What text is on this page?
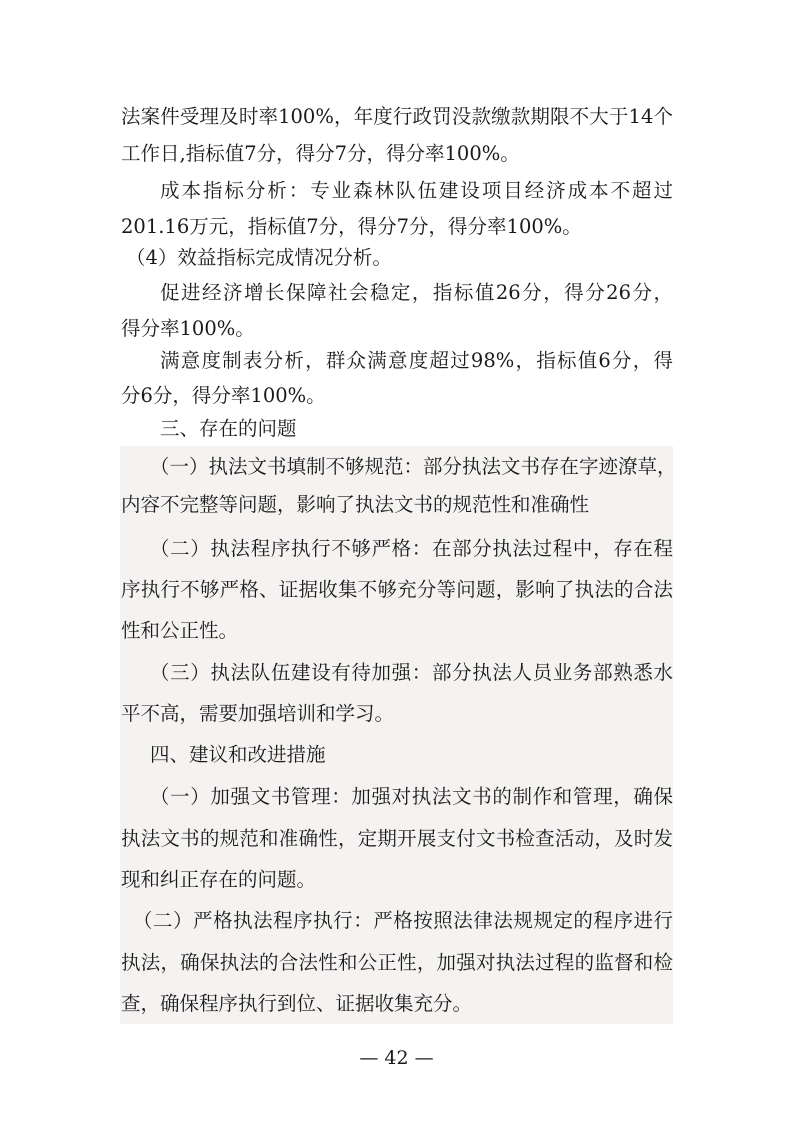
法案件受理及时率100%，年度行政罚没款缴款期限不大于14个
工作日,指标值7分，得分7分，得分率100%。
成本指标分析：专业森林队伍建设项目经济成本不超过
201.16万元，指标值7分，得分7分，得分率100%。
（4）效益指标完成情况分析。
促进经济增长保障社会稳定，指标值26分，得分26分，
得分率100%。
满意度制表分析，群众满意度超过98%，指标值6分，得
分6分，得分率100%。
三、存在的问题
（一）执法文书填制不够规范：部分执法文书存在字迹潦草，
内容不完整等问题，影响了执法文书的规范性和准确性
（二）执法程序执行不够严格：在部分执法过程中，存在程
序执行不够严格、证据收集不够充分等问题，影响了执法的合法
性和公正性。
（三）执法队伍建设有待加强：部分执法人员业务部熟悉水
平不高，需要加强培训和学习。
四、建议和改进措施
（一）加强文书管理：加强对执法文书的制作和管理，确保
执法文书的规范和准确性，定期开展支付文书检查活动，及时发
现和纠正存在的问题。
（二）严格执法程序执行：严格按照法律法规规定的程序进行
执法，确保执法的合法性和公正性，加强对执法过程的监督和检
查，确保程序执行到位、证据收集充分。
— 42 —
